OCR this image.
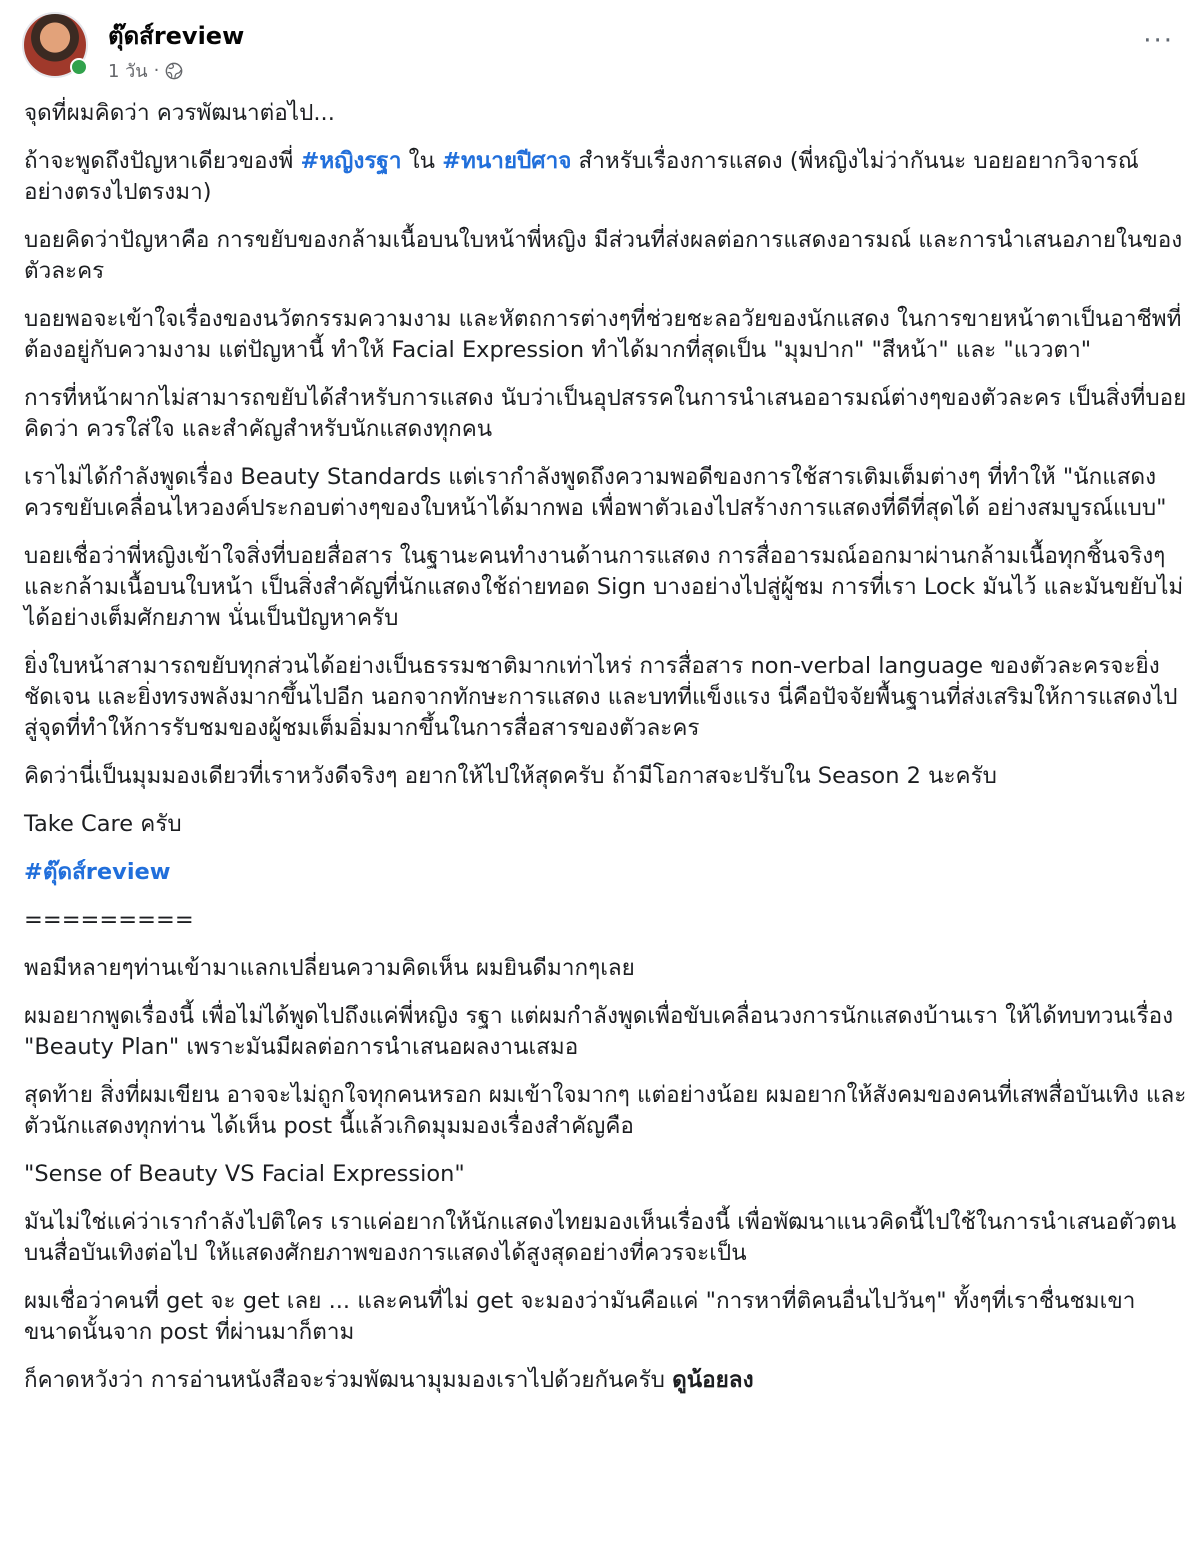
ตุ๊ดส์review
1 วัน ·
···

จุดที่ผมคิดว่า ควรพัฒนาต่อไป...

ถ้าจะพูดถึงปัญหาเดียวของพี่ #หญิงรฐา ใน #ทนายปีศาจ สำหรับเรื่องการแสดง (พี่หญิงไม่ว่ากันนะ บอยอยากวิจารณ์อย่างตรงไปตรงมา)

บอยคิดว่าปัญหาคือ การขยับของกล้ามเนื้อบนใบหน้าพี่หญิง มีส่วนที่ส่งผลต่อการแสดงอารมณ์ และการนำเสนอภายในของตัวละคร

บอยพอจะเข้าใจเรื่องของนวัตกรรมความงาม และหัตถการต่างๆที่ช่วยชะลอวัยของนักแสดง ในการขายหน้าตาเป็นอาชีพที่ต้องอยู่กับความงาม แต่ปัญหานี้ ทำให้ Facial Expression ทำได้มากที่สุดเป็น "มุมปาก" "สีหน้า" และ "แววตา"

การที่หน้าผากไม่สามารถขยับได้สำหรับการแสดง นับว่าเป็นอุปสรรคในการนำเสนออารมณ์ต่างๆของตัวละคร เป็นสิ่งที่บอยคิดว่า ควรใส่ใจ และสำคัญสำหรับนักแสดงทุกคน

เราไม่ได้กำลังพูดเรื่อง Beauty Standards แต่เรากำลังพูดถึงความพอดีของการใช้สารเติมเต็มต่างๆ ที่ทำให้ "นักแสดงควรขยับเคลื่อนไหวองค์ประกอบต่างๆของใบหน้าได้มากพอ เพื่อพาตัวเองไปสร้างการแสดงที่ดีที่สุดได้ อย่างสมบูรณ์แบบ"

บอยเชื่อว่าพี่หญิงเข้าใจสิ่งที่บอยสื่อสาร ในฐานะคนทำงานด้านการแสดง การสื่ออารมณ์ออกมาผ่านกล้ามเนื้อทุกชิ้นจริงๆ และกล้ามเนื้อบนใบหน้า เป็นสิ่งสำคัญที่นักแสดงใช้ถ่ายทอด Sign บางอย่างไปสู่ผู้ชม การที่เรา Lock มันไว้ และมันขยับไม่ได้อย่างเต็มศักยภาพ นั่นเป็นปัญหาครับ

ยิ่งใบหน้าสามารถขยับทุกส่วนได้อย่างเป็นธรรมชาติมากเท่าไหร่ การสื่อสาร non-verbal language ของตัวละครจะยิ่งชัดเจน และยิ่งทรงพลังมากขึ้นไปอีก นอกจากทักษะการแสดง และบทที่แข็งแรง นี่คือปัจจัยพื้นฐานที่ส่งเสริมให้การแสดงไปสู่จุดที่ทำให้การรับชมของผู้ชมเต็มอิ่มมากขึ้นในการสื่อสารของตัวละคร

คิดว่านี่เป็นมุมมองเดียวที่เราหวังดีจริงๆ อยากให้ไปให้สุดครับ ถ้ามีโอกาสจะปรับใน Season 2 นะครับ

Take Care ครับ

#ตุ๊ดส์review

=========

พอมีหลายๆท่านเข้ามาแลกเปลี่ยนความคิดเห็น ผมยินดีมากๆเลย

ผมอยากพูดเรื่องนี้ เพื่อไม่ได้พูดไปถึงแค่พี่หญิง รฐา แต่ผมกำลังพูดเพื่อขับเคลื่อนวงการนักแสดงบ้านเรา ให้ได้ทบทวนเรื่อง "Beauty Plan" เพราะมันมีผลต่อการนำเสนอผลงานเสมอ

สุดท้าย สิ่งที่ผมเขียน อาจจะไม่ถูกใจทุกคนหรอก ผมเข้าใจมากๆ แต่อย่างน้อย ผมอยากให้สังคมของคนที่เสพสื่อบันเทิง และตัวนักแสดงทุกท่าน ได้เห็น post นี้แล้วเกิดมุมมองเรื่องสำคัญคือ

"Sense of Beauty VS Facial Expression"

มันไม่ใช่แค่ว่าเรากำลังไปติใคร เราแค่อยากให้นักแสดงไทยมองเห็นเรื่องนี้ เพื่อพัฒนาแนวคิดนี้ไปใช้ในการนำเสนอตัวตนบนสื่อบันเทิงต่อไป ให้แสดงศักยภาพของการแสดงได้สูงสุดอย่างที่ควรจะเป็น

ผมเชื่อว่าคนที่ get จะ get เลย ... และคนที่ไม่ get จะมองว่ามันคือแค่ "การหาที่ติคนอื่นไปวันๆ" ทั้งๆที่เราชื่นชมเขาขนาดนั้นจาก post ที่ผ่านมาก็ตาม

ก็คาดหวังว่า การอ่านหนังสือจะร่วมพัฒนามุมมองเราไปด้วยกันครับ ดูน้อยลง
